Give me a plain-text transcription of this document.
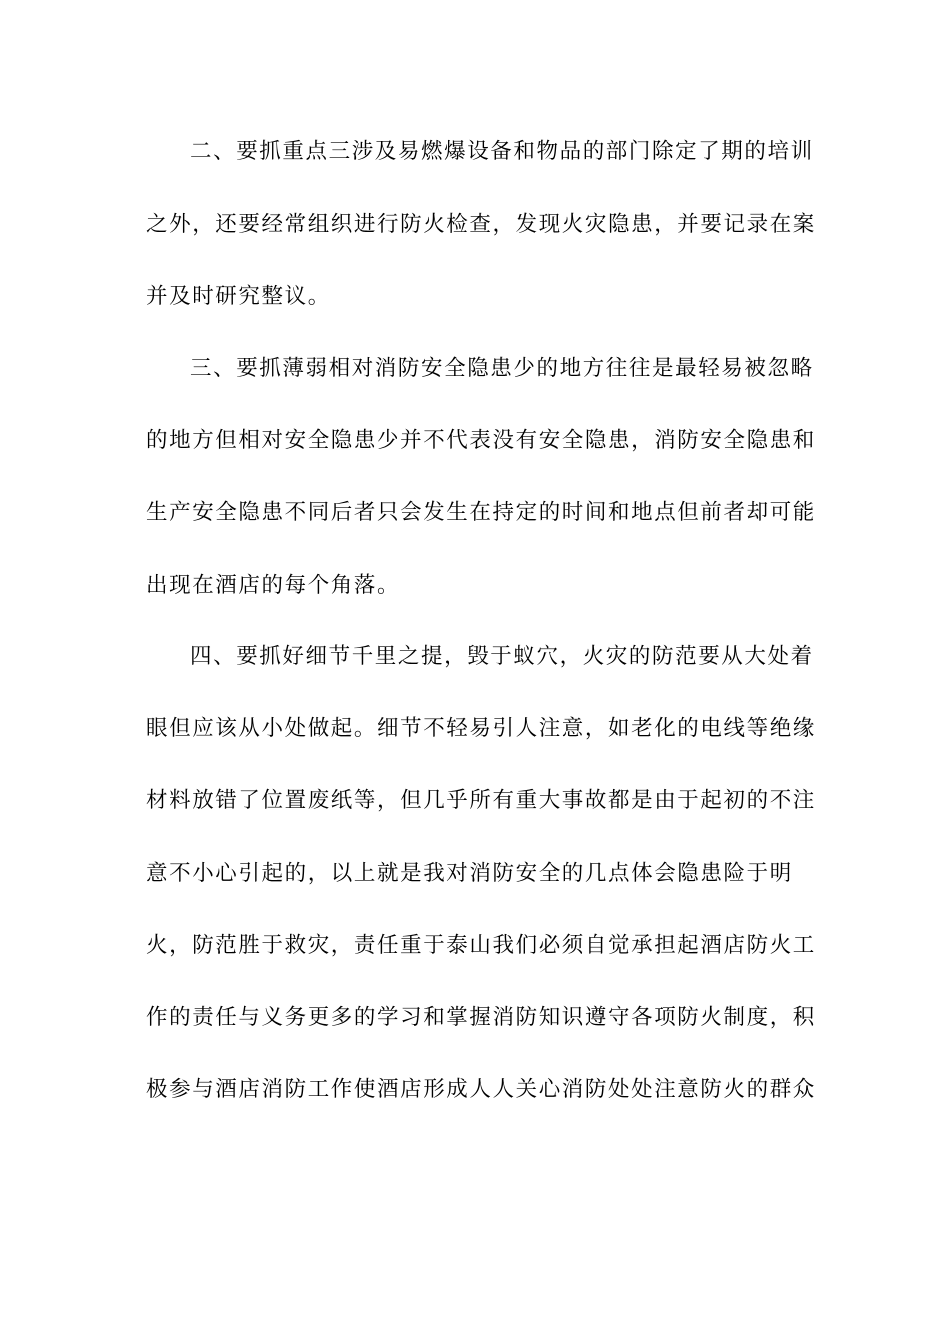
二、要抓重点三涉及易燃爆设备和物品的部门除定了期的培训
之外，还要经常组织进行防火检查，发现火灾隐患，并要记录在案
并及时研究整议。
三、要抓薄弱相对消防安全隐患少的地方往往是最轻易被忽略
的地方但相对安全隐患少并不代表没有安全隐患，消防安全隐患和
生产安全隐患不同后者只会发生在持定的时间和地点但前者却可能
出现在酒店的每个角落。
四、要抓好细节千里之提，毁于蚁穴，火灾的防范要从大处着
眼但应该从小处做起。细节不轻易引人注意，如老化的电线等绝缘
材料放错了位置废纸等，但几乎所有重大事故都是由于起初的不注
意不小心引起的，以上就是我对消防安全的几点体会隐患险于明
火，防范胜于救灾，责任重于泰山我们必须自觉承担起酒店防火工
作的责任与义务更多的学习和掌握消防知识遵守各项防火制度，积
极参与酒店消防工作使酒店形成人人关心消防处处注意防火的群众
